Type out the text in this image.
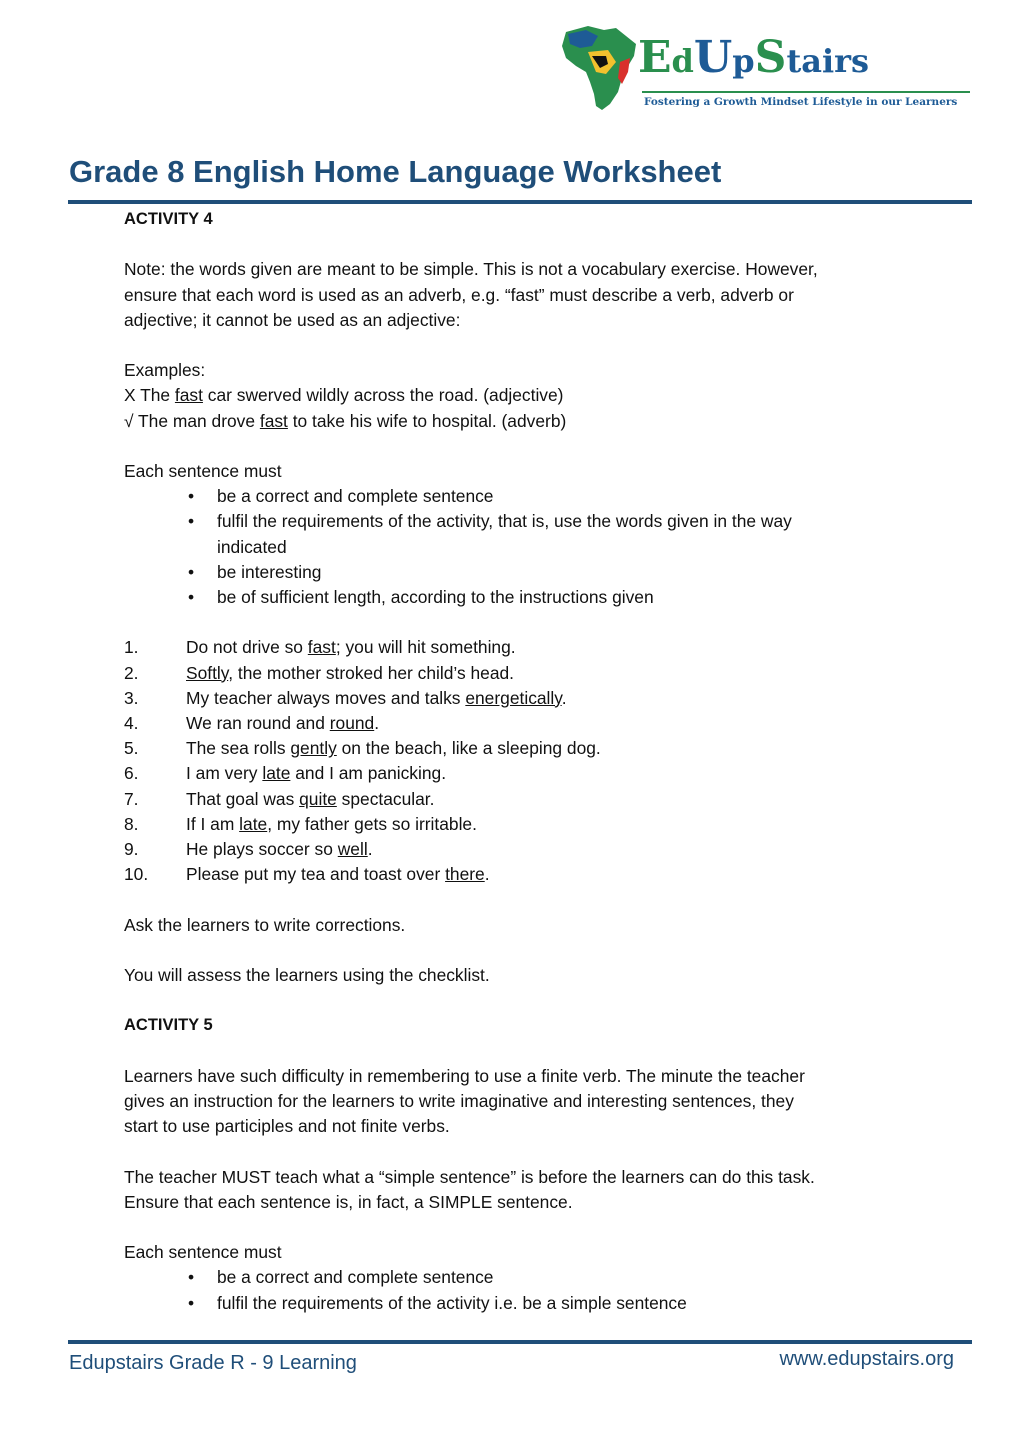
EdUpStairs
Fostering a Growth Mindset Lifestyle in our Learners
Grade 8 English Home Language Worksheet

ACTIVITY 4

Note: the words given are meant to be simple. This is not a vocabulary exercise. However,

ensure that each word is used as an adverb, e.g. “fast” must describe a verb, adverb or

adjective; it cannot be used as an adjective:

Examples:

X The fast car swerved wildly across the road. (adjective)

√ The man drove fast to take his wife to hospital. (adverb)

Each sentence must

•	be a correct and complete sentence
•	fulfil the requirements of the activity, that is, use the words given in the way
indicated
•	be interesting
•	be of sufficient length, according to the instructions given
1.	Do not drive so fast; you will hit something.
2.	Softly, the mother stroked her child’s head.
3.	My teacher always moves and talks energetically.
4.	We ran round and round.
5.	The sea rolls gently on the beach, like a sleeping dog.
6.	I am very late and I am panicking.
7.	That goal was quite spectacular.
8.	If I am late, my father gets so irritable.
9.	He plays soccer so well.
10. Please put my tea and toast over there.

Ask the learners to write corrections.

You will assess the learners using the checklist.

ACTIVITY 5

Learners have such difficulty in remembering to use a finite verb. The minute the teacher

gives an instruction for the learners to write imaginative and interesting sentences, they

start to use participles and not finite verbs.

The teacher MUST teach what a “simple sentence” is before the learners can do this task.

Ensure that each sentence is, in fact, a SIMPLE sentence.

Each sentence must

•	be a correct and complete sentence
•	fulfil the requirements of the activity i.e. be a simple sentence
Edupstairs Grade R - 9 Learning	www.edupstairs.org
